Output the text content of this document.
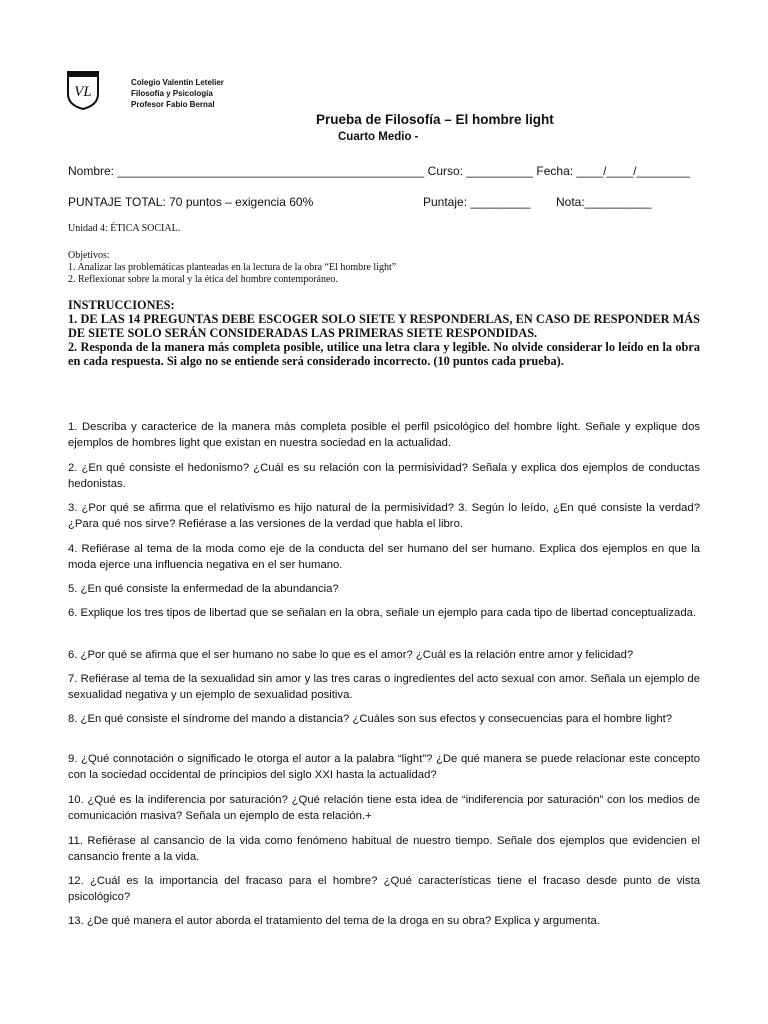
VL
Colegio Valentín Letelier
Filosofía y Psicología
Profesor Fabio Bernal
Prueba de Filosofía – El hombre light
Cuarto Medio -
Nombre: ______________________________________________ Curso: __________ Fecha: ____/____/________
PUNTAJE TOTAL: 70 puntos – exigencia 60%	Puntaje: _________ Nota:__________
Unidad 4: ÉTICA SOCIAL.
Objetivos:
1. Analizar las problemáticas planteadas en la lectura de la obra “El hombre light”
2. Reflexionar sobre la moral y la ética del hombre contemporáneo.
INSTRUCCIONES:

1. DE LAS 14 PREGUNTAS DEBE ESCOGER SOLO SIETE Y RESPONDERLAS, EN CASO DE RESPONDER MÁS DE SIETE SOLO SERÁN CONSIDERADAS LAS PRIMERAS SIETE RESPONDIDAS.

2. Responda de la manera más completa posible, utilice una letra clara y legible. No olvide considerar lo leído en la obra en cada respuesta. Si algo no se entiende será considerado incorrecto. (10 puntos cada prueba).

1. Describa y caracterice de la manera más completa posible el perfil psicológico del hombre light. Señale y explique dos ejemplos de hombres light que existan en nuestra sociedad en la actualidad.
2. ¿En qué consiste el hedonismo? ¿Cuál es su relación con la permisividad? Señala y explica dos ejemplos de conductas hedonistas.
3. ¿Por qué se afirma que el relativismo es hijo natural de la permisividad? 3. Según lo leído, ¿En qué consiste la verdad? ¿Para qué nos sirve? Refiérase a las versiones de la verdad que habla el libro.
4. Refiérase al tema de la moda como eje de la conducta del ser humano del ser humano. Explica dos ejemplos en que la moda ejerce una influencia negativa en el ser humano.
5. ¿En qué consiste la enfermedad de la abundancia?
6. Explique los tres tipos de libertad que se señalan en la obra, señale un ejemplo para cada tipo de libertad conceptualizada.
6. ¿Por qué se afirma que el ser humano no sabe lo que es el amor? ¿Cuál es la relación entre amor y felicidad?
7. Refiérase al tema de la sexualidad sin amor y las tres caras o ingredientes del acto sexual con amor. Señala un ejemplo de sexualidad negativa y un ejemplo de sexualidad positiva.
8. ¿En qué consiste el síndrome del mando a distancia? ¿Cuáles son sus efectos y consecuencias para el hombre light?
9. ¿Qué connotación o significado le otorga el autor a la palabra “light”? ¿De qué manera se puede relacionar este concepto con la sociedad occidental de principios del siglo XXI hasta la actualidad?
10. ¿Qué es la indiferencia por saturación? ¿Qué relación tiene esta idea de “indiferencia por saturación” con los medios de comunicación masiva? Señala un ejemplo de esta relación.+
11. Refiérase al cansancio de la vida como fenómeno habitual de nuestro tiempo. Señale dos ejemplos que evidencien el cansancio frente a la vida.
12. ¿Cuál es la importancia del fracaso para el hombre? ¿Qué características tiene el fracaso desde punto de vista psicológico?
13. ¿De qué manera el autor aborda el tratamiento del tema de la droga en su obra? Explica y argumenta.
